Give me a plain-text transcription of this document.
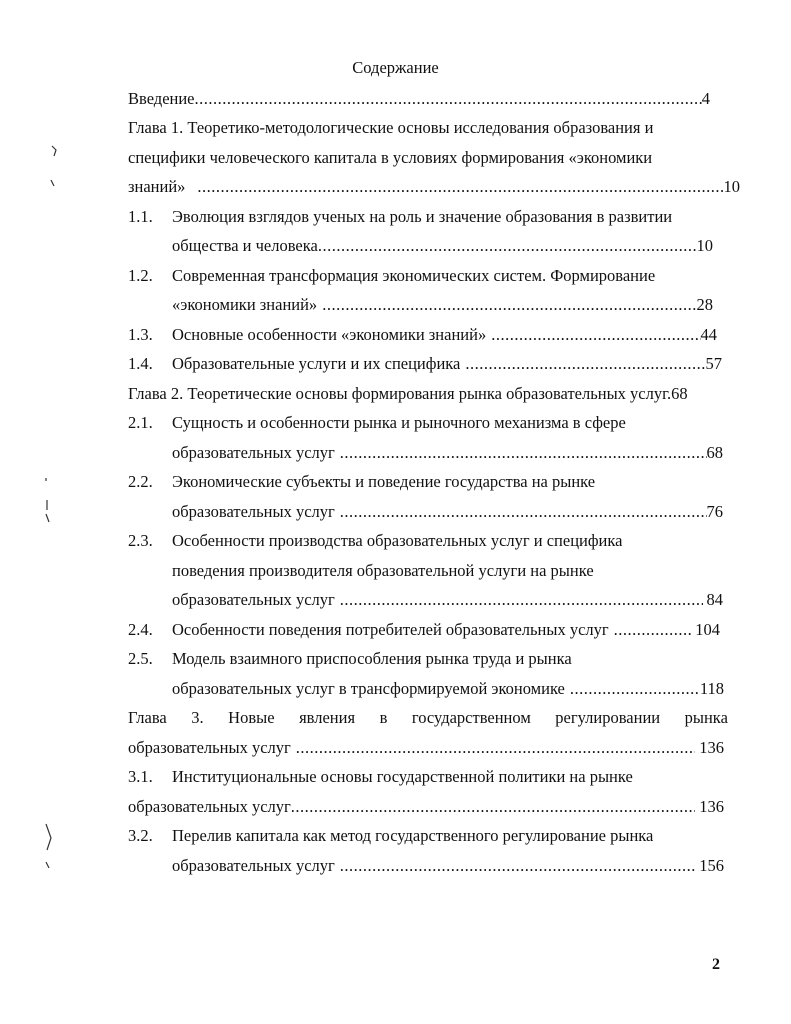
Содержание
Введение .....	4
Глава 1. Теоретико-методологические основы исследования образования и
специфики человеческого капитала в условиях формирования «экономики
знаний» .....	10
1.1. Эволюция взглядов ученых на роль и значение образования в развитии
общества и человека .....	10
1.2. Современная трансформация экономических систем. Формирование
«экономики знаний» .....	28
1.3. Основные особенности «экономики знаний» .....	44
1.4. Образовательные услуги и их специфика .....	57
Глава 2. Теоретические основы формирования рынка образовательных услуг.68
2.1. Сущность и особенности рынка и рыночного механизма в сфере
образовательных услуг .....	68
2.2. Экономические субъекты и поведение государства на рынке
образовательных услуг .....	76
2.3. Особенности производства образовательных услуг и специфика
поведения производителя образовательной услуги на рынке
образовательных услуг .....	84
2.4. Особенности поведения потребителей образовательных услуг .....	104
2.5. Модель взаимного приспособления рынка труда и рынка
образовательных услуг в трансформируемой экономике .....	118
Глава 3. Новые явления в государственном регулировании рынка
образовательных услуг .....	136
3.1. Институциональные основы государственной политики на рынке
образовательных услуг .....	136
3.2. Перелив капитала как метод государственного регулирование рынка
образовательных услуг .....	156
2
